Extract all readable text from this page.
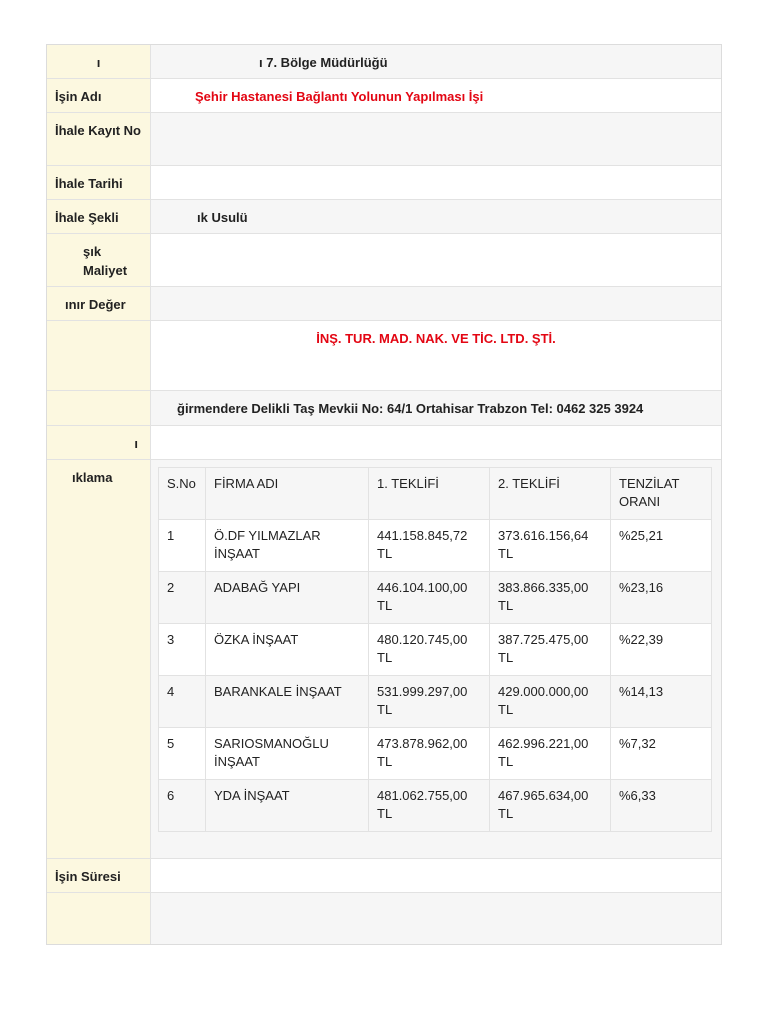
ı	ı 7. Bölge Müdürlüğü
İşin Adı	Şehir Hastanesi Bağlantı Yolunun Yapılması İşi
İhale Kayıt No
İhale Tarihi
İhale Şekli	ık Usulü
şık Maliyet
ınır Değer
İNŞ. TUR. MAD. NAK. VE TİC. LTD. ŞTİ.
ğirmendere Delikli Taş Mevkii No: 64/1 Ortahisar Trabzon Tel: 0462 325 3924
ı
ıklama	S.No	FİRMA ADI	1. TEKLİFİ	2. TEKLİFİ	TENZİLAT ORANI

1	Ö.DF YILMAZLAR İNŞAAT	441.158.845,72 TL	373.616.156,64 TL	%25,21
2	ADABAĞ YAPI	446.104.100,00 TL	383.866.335,00 TL	%23,16
3	ÖZKA İNŞAAT	480.120.745,00 TL	387.725.475,00 TL	%22,39
4	BARANKALE İNŞAAT	531.999.297,00 TL	429.000.000,00 TL	%14,13
5	SARIOSMANOĞLU İNŞAAT	473.878.962,00 TL	462.996.221,00 TL	%7,32
6	YDA İNŞAAT	481.062.755,00 TL	467.965.634,00 TL	%6,33
İşin Süresi
